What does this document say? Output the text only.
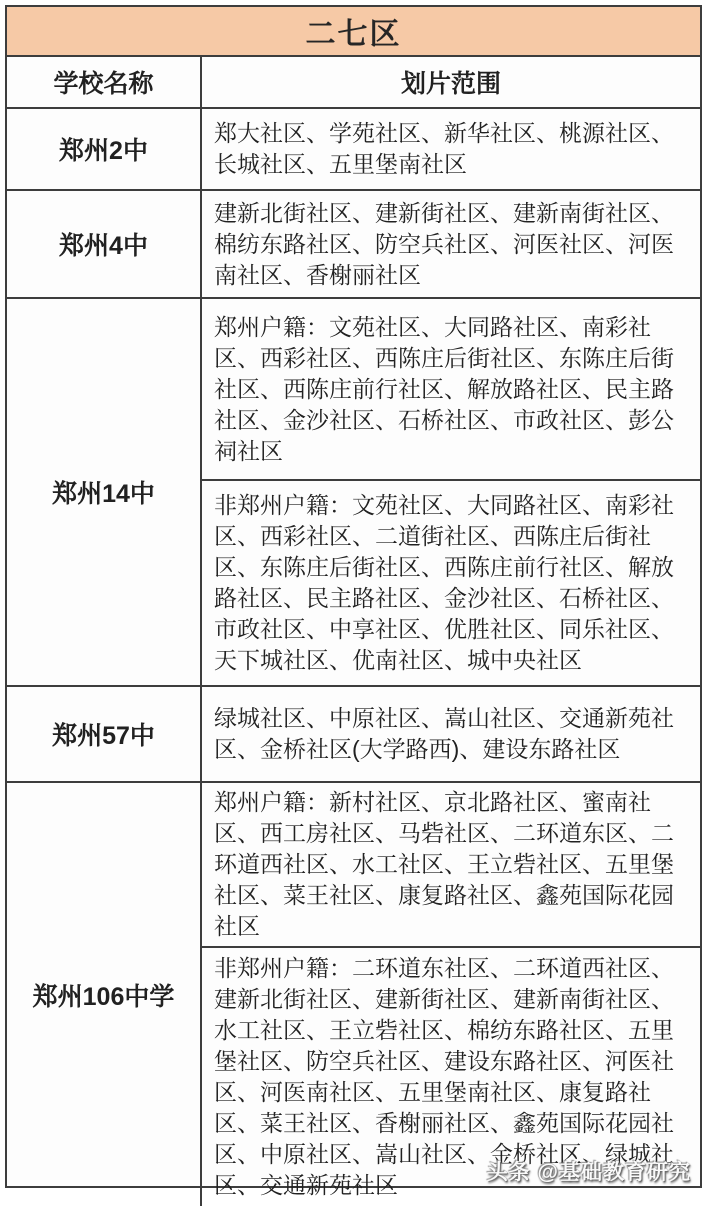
二七区
学校名称	划片范围
郑州2中
郑大社区、学苑社区、新华社区、桃源社区、长城社区、五里堡南社区
郑州4中
建新北街社区、建新街社区、建新南街社区、棉纺东路社区、防空兵社区、河医社区、河医南社区、香榭丽社区
郑州14中
郑州户籍：文苑社区、大同路社区、南彩社区、西彩社区、西陈庄后街社区、东陈庄后街社区、西陈庄前行社区、解放路社区、民主路社区、金沙社区、石桥社区、市政社区、彭公祠社区
非郑州户籍：文苑社区、大同路社区、南彩社区、西彩社区、二道街社区、西陈庄后街社区、东陈庄后街社区、西陈庄前行社区、解放路社区、民主路社区、金沙社区、石桥社区、市政社区、中享社区、优胜社区、同乐社区、天下城社区、优南社区、城中央社区
郑州57中
绿城社区、中原社区、嵩山社区、交通新苑社区、金桥社区(大学路西)、建设东路社区
郑州106中学
郑州户籍：新村社区、京北路社区、蜜南社区、西工房社区、马砦社区、二环道东区、二环道西社区、水工社区、王立砦社区、五里堡社区、菜王社区、康复路社区、鑫苑国际花园社区
非郑州户籍：二环道东社区、二环道西社区、建新北街社区、建新街社区、建新南街社区、水工社区、王立砦社区、棉纺东路社区、五里堡社区、防空兵社区、建设东路社区、河医社区、河医南社区、五里堡南社区、康复路社区、菜王社区、香榭丽社区、鑫苑国际花园社区、中原社区、嵩山社区、金桥社区、绿城社区、交通新苑社区	头条 @基础教育研究
